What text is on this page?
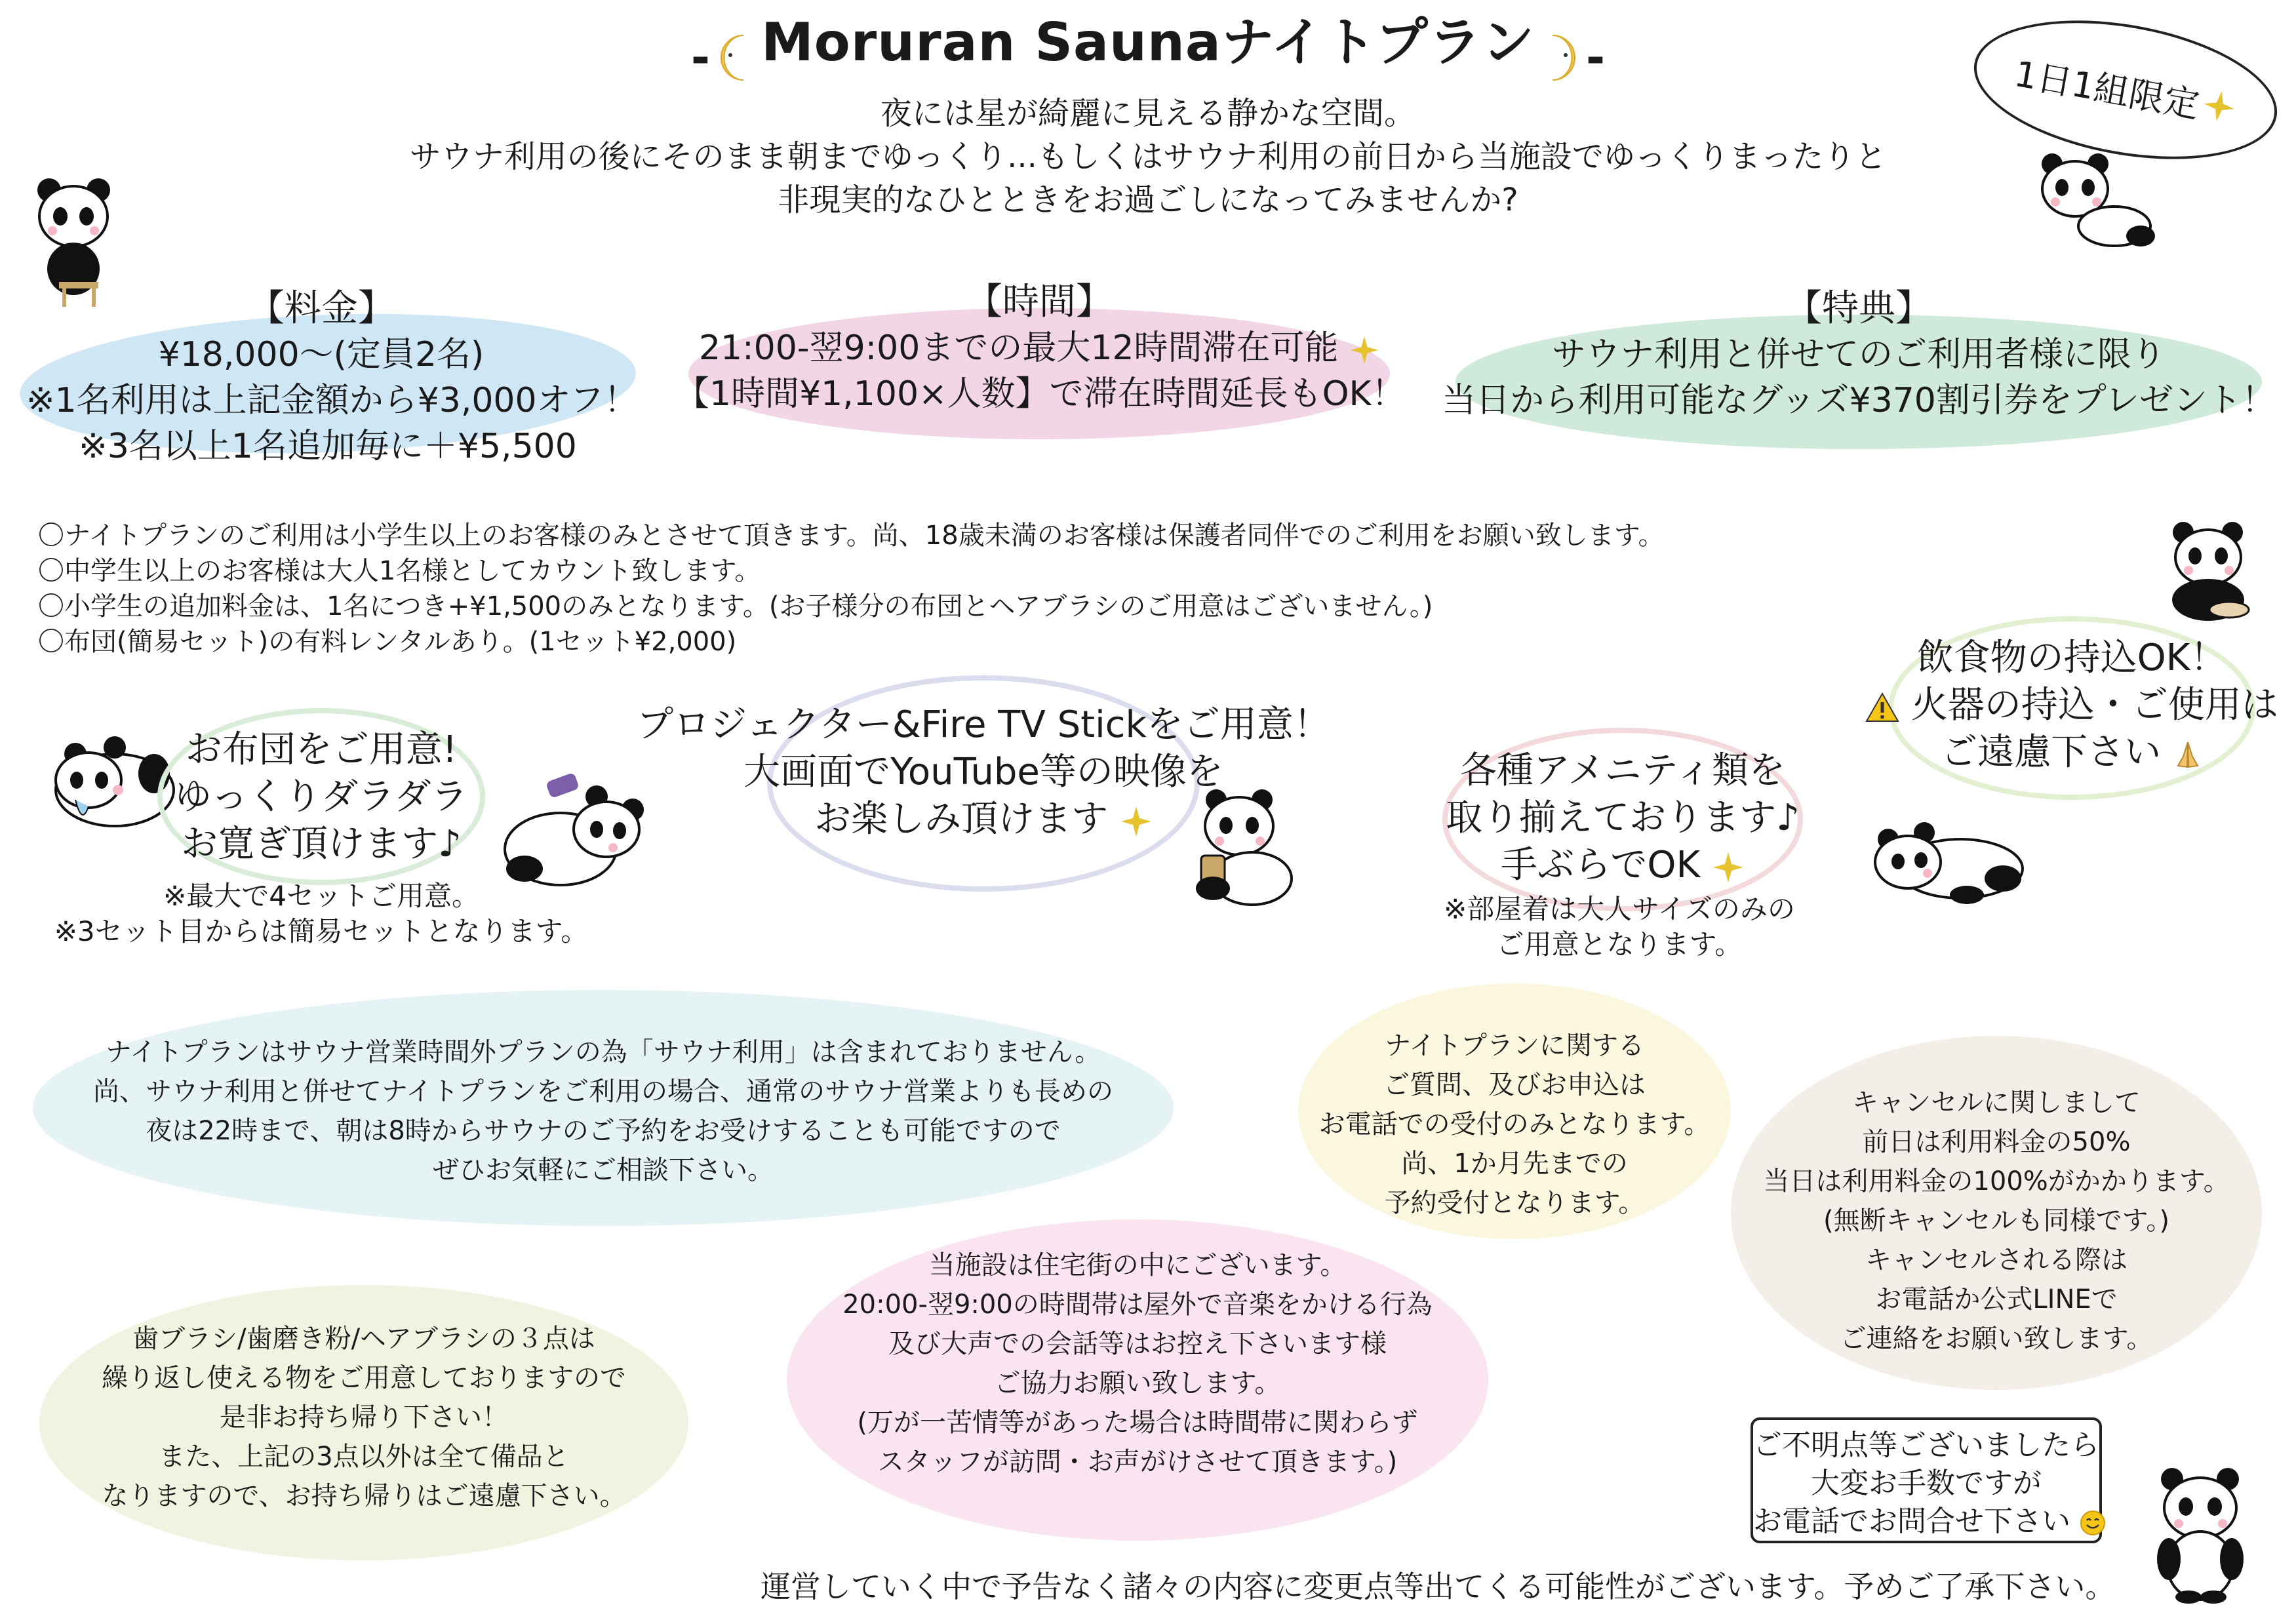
- Moruran Saunaナイトプラン -	1日1組限定
夜には星が綺麗に見える静かな空間。
サウナ利用の後にそのまま朝までゆっくり...もしくはサウナ利用の前日から当施設でゆっくりまったりと
非現実的なひとときをお過ごしになってみませんか?
【料金】
¥18,000～(定員2名)
※1名利用は上記金額から¥3,000オフ！
※3名以上1名追加毎に＋¥5,500
【時間】
21:00-翌9:00までの最大12時間滞在可能
【1時間¥1,100×人数】で滞在時間延長もOK！
【特典】
サウナ利用と併せてのご利用者様に限り
当日から利用可能なグッズ¥370割引券をプレゼント！
〇ナイトプランのご利用は小学生以上のお客様のみとさせて頂きます。尚、18歳未満のお客様は保護者同伴でのご利用をお願い致します。
〇中学生以上のお客様は大人1名様としてカウント致します。
〇小学生の追加料金は、1名につき+¥1,500のみとなります。(お子様分の布団とヘアブラシのご用意はございません。)
〇布団(簡易セット)の有料レンタルあり。(1セット¥2,000)
お布団をご用意!
ゆっくりダラダラ
お寛ぎ頂けます♪
※最大で4セットご用意。
※3セット目からは簡易セットとなります。
プロジェクター&Fire TV Stickをご用意！
大画面でYouTube等の映像を
お楽しみ頂けます
各種アメニティ類を
取り揃えております♪
手ぶらでOK
※部屋着は大人サイズのみの
ご用意となります。
飲食物の持込OK！
火器の持込・ご使用は
ご遠慮下さい
ナイトプランはサウナ営業時間外プランの為「サウナ利用」は含まれておりません。
尚、サウナ利用と併せてナイトプランをご利用の場合、通常のサウナ営業よりも長めの
夜は22時まで、朝は8時からサウナのご予約をお受けすることも可能ですので
ぜひお気軽にご相談下さい。
ナイトプランに関する
ご質問、及びお申込は
お電話での受付のみとなります。
尚、1か月先までの
予約受付となります。
キャンセルに関しまして
前日は利用料金の50%
当日は利用料金の100%がかかります。
(無断キャンセルも同様です。)
キャンセルされる際は
お電話か公式LINEで
ご連絡をお願い致します。
当施設は住宅街の中にございます。
20:00-翌9:00の時間帯は屋外で音楽をかける行為
及び大声での会話等はお控え下さいます様
ご協力お願い致します。
(万が一苦情等があった場合は時間帯に関わらず
スタッフが訪問・お声がけさせて頂きます。)
歯ブラシ/歯磨き粉/ヘアブラシの３点は
繰り返し使える物をご用意しておりますので
是非お持ち帰り下さい！
また、上記の3点以外は全て備品と
なりますので、お持ち帰りはご遠慮下さい。
ご不明点等ございましたら
大変お手数ですが
お電話でお問合せ下さい
運営していく中で予告なく諸々の内容に変更点等出てくる可能性がございます。予めご了承下さい。
